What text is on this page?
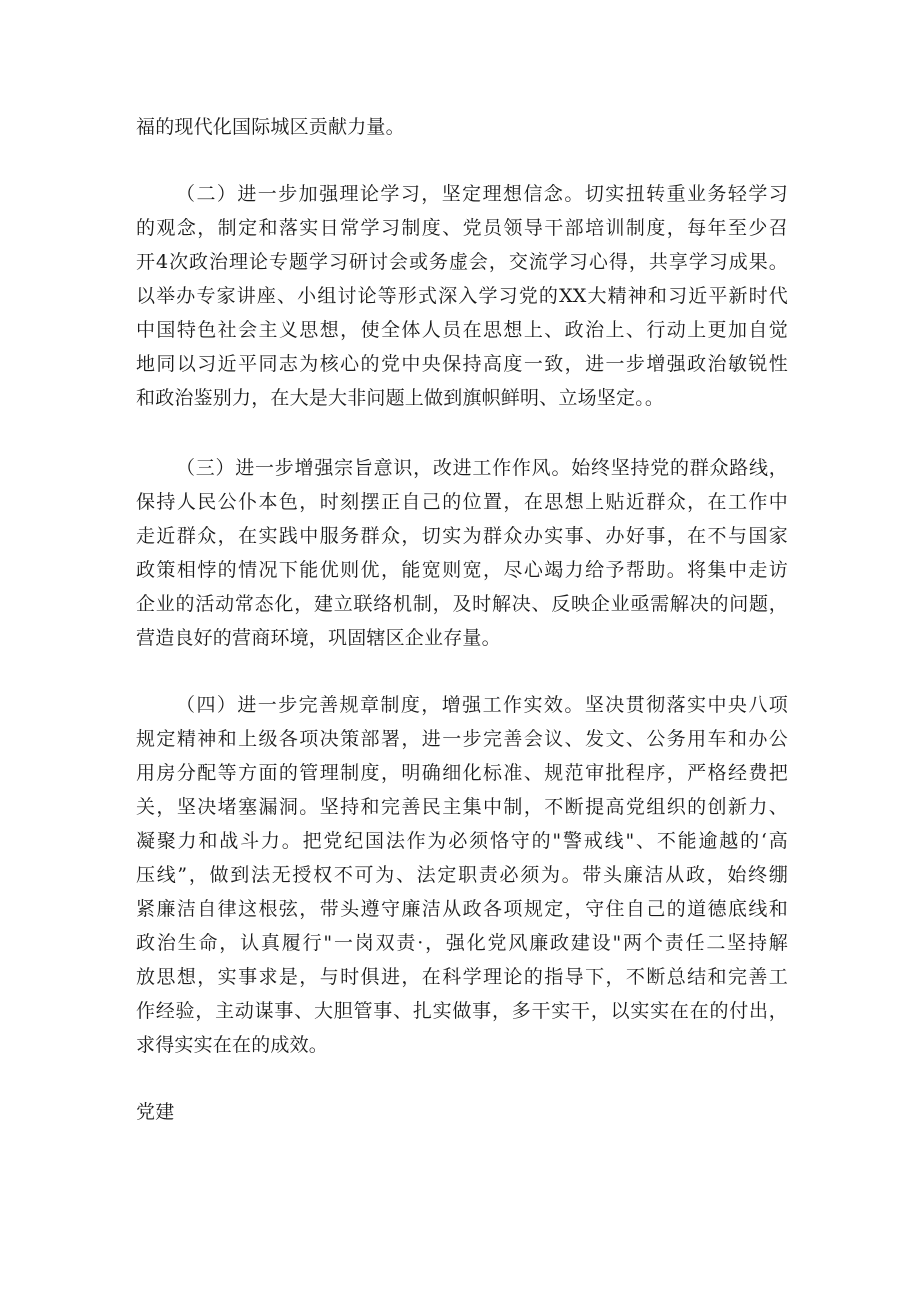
福的现代化国际城区贡献力量。
（二）进一步加强理论学习，坚定理想信念。切实扭转重业务轻学习
的观念，制定和落实日常学习制度、党员领导干部培训制度，每年至少召
开4次政治理论专题学习研讨会或务虚会，交流学习心得，共享学习成果。
以举办专家讲座、小组讨论等形式深入学习党的XX大精神和习近平新时代
中国特色社会主义思想，使全体人员在思想上、政治上、行动上更加自觉
地同以习近平同志为核心的党中央保持高度一致，进一步增强政治敏锐性
和政治鉴别力，在大是大非问题上做到旗帜鲜明、立场坚定。。
（三）进一步增强宗旨意识，改进工作作风。始终坚持党的群众路线，
保持人民公仆本色，时刻摆正自己的位置，在思想上贴近群众，在工作中
走近群众，在实践中服务群众，切实为群众办实事、办好事，在不与国家
政策相悖的情况下能优则优，能宽则宽，尽心竭力给予帮助。将集中走访
企业的活动常态化，建立联络机制，及时解决、反映企业亟需解决的问题，
营造良好的营商环境，巩固辖区企业存量。
（四）进一步完善规章制度，增强工作实效。坚决贯彻落实中央八项
规定精神和上级各项决策部署，进一步完善会议、发文、公务用车和办公
用房分配等方面的管理制度，明确细化标准、规范审批程序，严格经费把
关，坚决堵塞漏洞。坚持和完善民主集中制，不断提高党组织的创新力、
凝聚力和战斗力。把党纪国法作为必须恪守的"警戒线"、不能逾越的‘高
压线”，做到法无授权不可为、法定职责必须为。带头廉洁从政，始终绷
紧廉洁自律这根弦，带头遵守廉洁从政各项规定，守住自己的道德底线和
政治生命，认真履行"一岗双责·，强化党风廉政建设"两个责任二坚持解
放思想，实事求是，与时俱进，在科学理论的指导下，不断总结和完善工
作经验，主动谋事、大胆管事、扎实做事，多干实干，以实实在在的付出，
求得实实在在的成效。
党建
